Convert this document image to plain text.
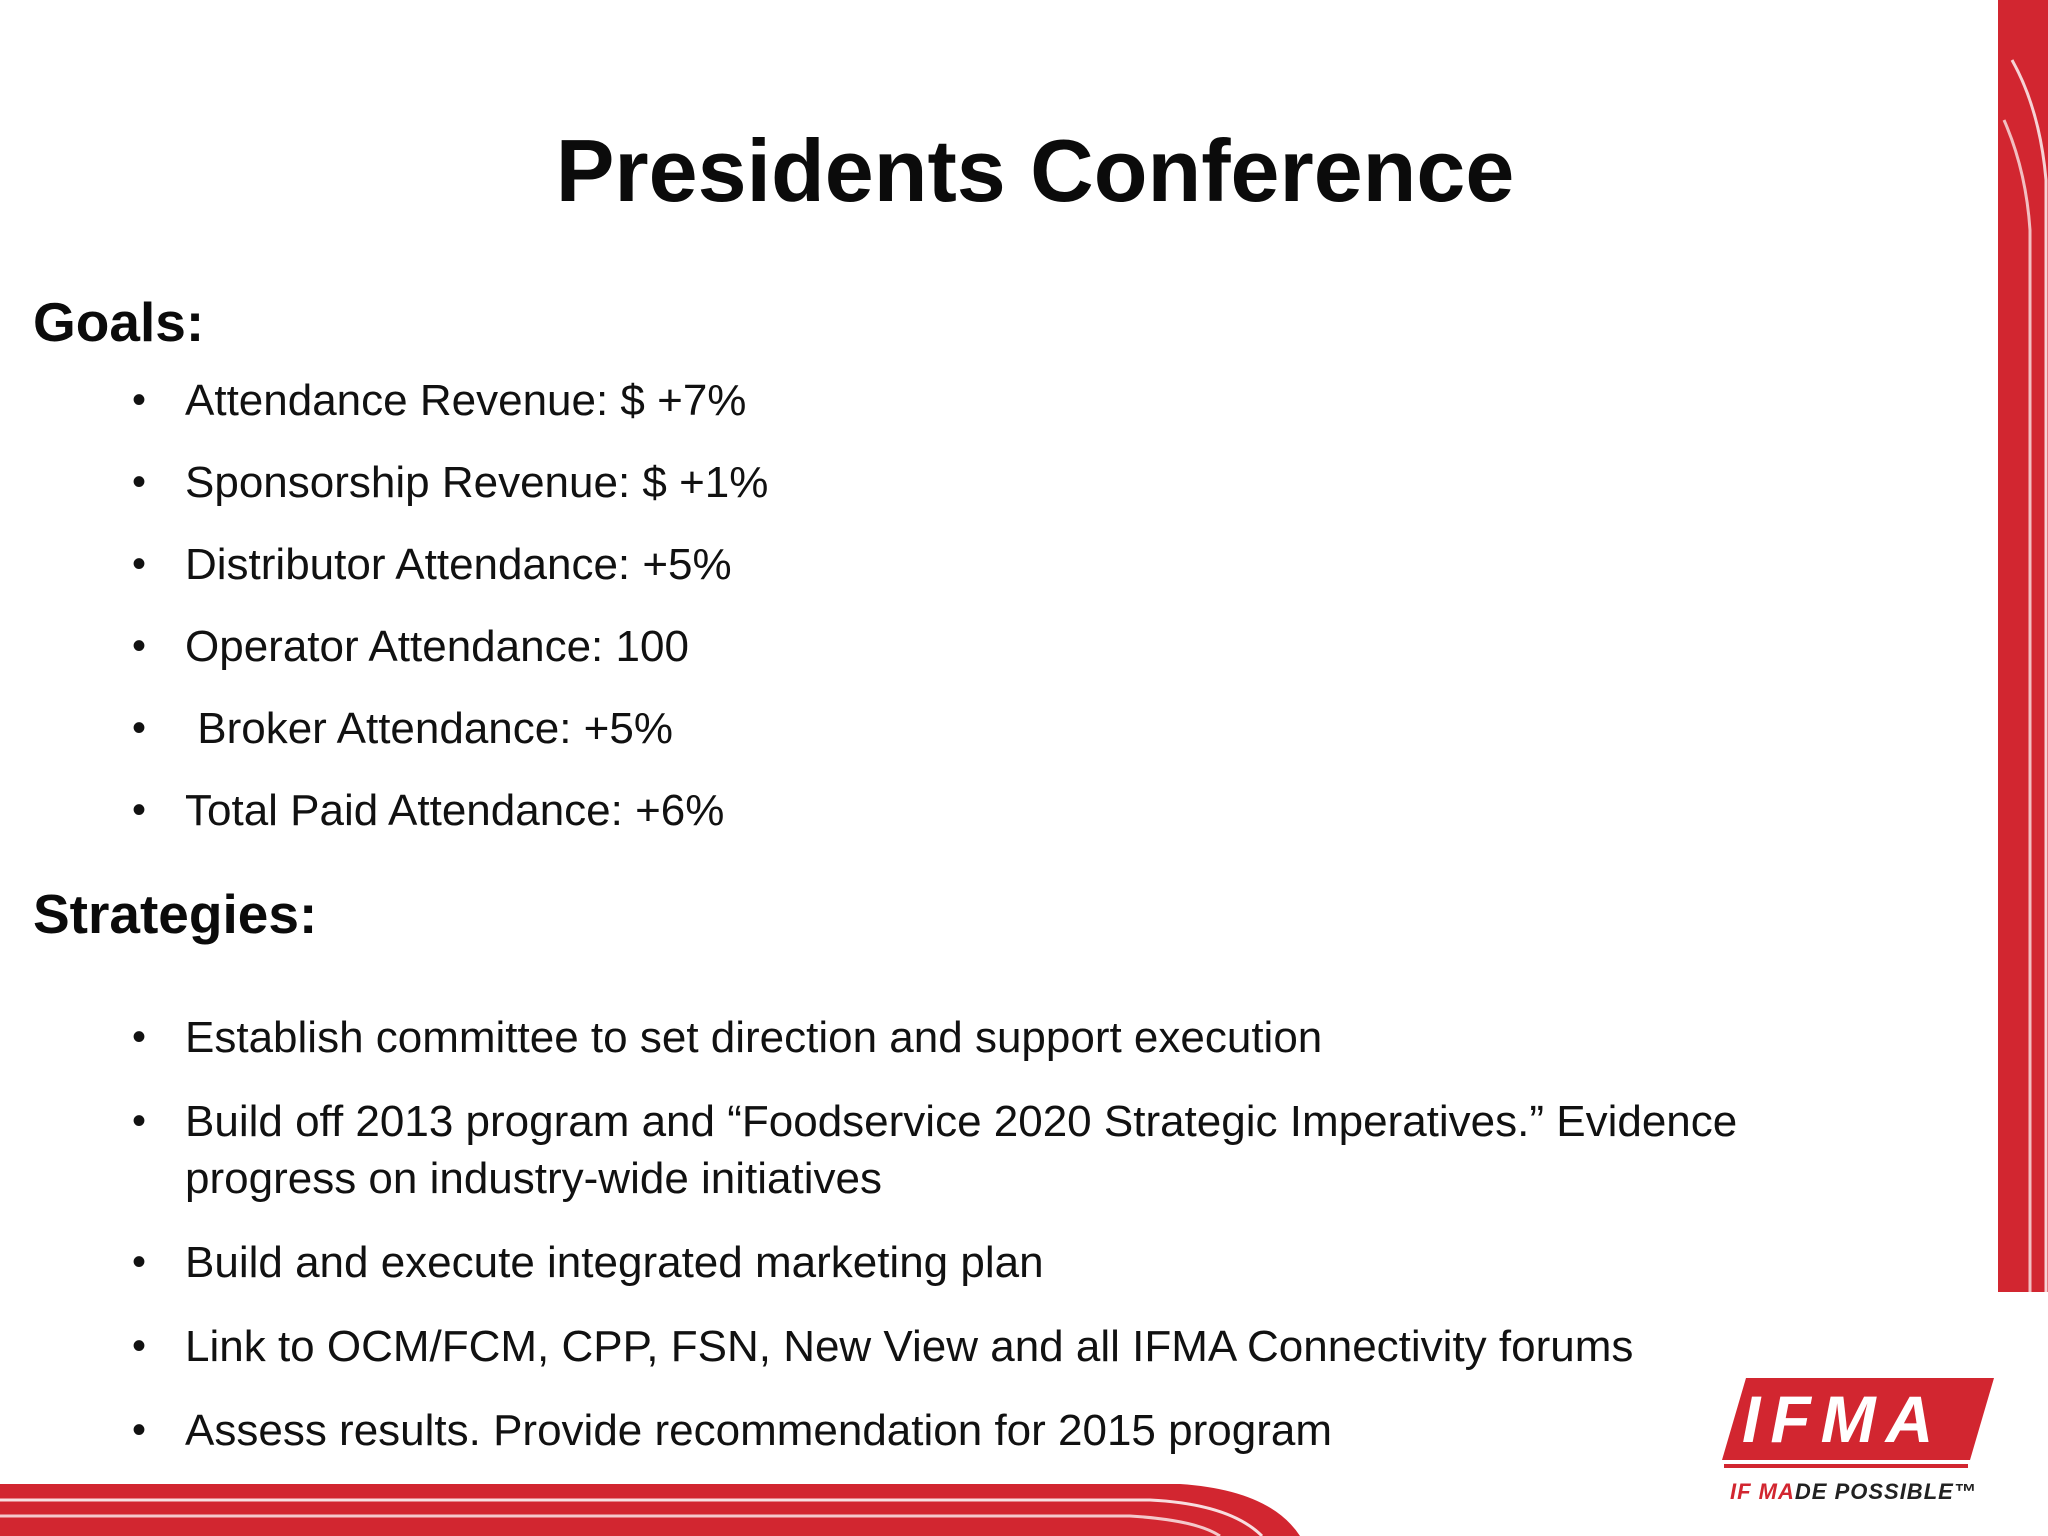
Presidents Conference
Goals:
• Attendance Revenue: $ +7%
• Sponsorship Revenue: $ +1%
• Distributor Attendance: +5%
• Operator Attendance: 100
• Broker Attendance: +5%
• Total Paid Attendance: +6%
Strategies:
• Establish committee to set direction and support execution
• Build off 2013 program and “Foodservice 2020 Strategic Imperatives.” Evidence progress on industry-wide initiatives
• Build and execute integrated marketing plan
• Link to OCM/FCM, CPP, FSN, New View and all IFMA Connectivity forums
• Assess results. Provide recommendation for 2015 program	IFMA
IF MADE POSSIBLE™
